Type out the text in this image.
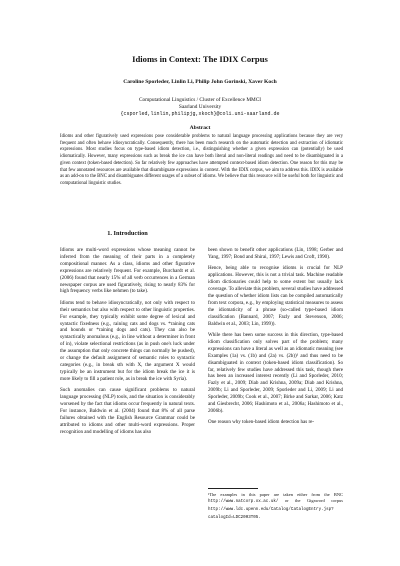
Idioms in Context: The IDIX Corpus
Caroline Sporleder, Linlin Li, Philip John Gorinski, Xaver Koch
Computational Linguistics / Cluster of Excellence MMCI
Saarland University
{csporled,linlin,philipjg,xkoch}@coli.uni-saarland.de
Abstract
Idioms and other figuratively used expressions pose considerable problems to natural language processing applications because they are very frequent and often behave idiosyncratically. Consequently, there has been much research on the automatic detection and extraction of idiomatic expressions. Most studies focus on type-based idiom detection, i.e., distinguishing whether a given expression can (potentially) be used idiomatically. However, many expressions such as break the ice can have both literal and non-literal readings and need to be disambiguated in a given context (token-based detection). So far relatively few approaches have attempted context-based idiom detection. One reason for this may be that few annotated resources are available that disambiguate expressions in context. With the IDIX corpus, we aim to address this. IDIX is available as an add-on to the BNC and disambiguates different usages of a subset of idioms. We believe that this resource will be useful both for linguistic and computational linguistic studies.
1. Introduction

Idioms are multi-word expressions whose meaning cannot be inferred from the meaning of their parts in a completely compositional manner. As a class, idioms and other figurative expressions are relatively frequent. For example, Burchardt et al. (2006) found that nearly 15% of all verb occurrences in a German newspaper corpus are used figuratively, rising to nearly 83% for high frequency verbs like nehmen (to take).

Idioms tend to behave idiosyncratically, not only with respect to their semantics but also with respect to other linguistic properties. For example, they typically exhibit some degree of lexical and syntactic fixedness (e.g., raining cats and dogs vs. *raining cats and hounds or *raining dogs and cats). They can also be syntactically anomalous (e.g., in line without a determiner in front of in), violate selectional restrictions (as in push one's luck under the assumption that only concrete things can normally be pushed), or change the default assignment of semantic roles to syntactic categories (e.g., in break sth with X, the argument X would typically be an instrument but for the idiom break the ice it is more likely to fill a patient role, as in break the ice with Syria).

Such anomalies can cause significant problems to natural language processing (NLP) tools, and the situation is considerably worsened by the fact that idioms occur frequently in natural texts. For instance, Baldwin et al. (2004) found that 8% of all parse failures obtained with the English Resource Grammar could be attributed to idioms and other multi-word expressions. Proper recognition and modelling of idioms has also

been shown to benefit other applications (Lin, 1998; Gerber and Yang, 1997; Bond and Shirai, 1997; Lewis and Croft, 1990).

Hence, being able to recognise idioms is crucial for NLP applications. However, this is not a trivial task. Machine readable idiom dictionaries could help to some extent but usually lack coverage. To alleviate this problem, several studies have addressed the question of whether idiom lists can be compiled automatically from text corpora, e.g., by employing statistical measures to assess the idiomaticity of a phrase (so-called type-based idiom classification (Bannard, 2007; Fazly and Stevenson, 2006; Baldwin et al., 2003; Lin, 1999)).

While there has been some success in this direction, type-based idiom classification only solves part of the problem; many expressions can have a literal as well as an idiomatic meaning (see Examples (1a) vs. (1b) and (2a) vs. (2b))¹ and thus need to be disambiguated in context (token-based idiom classification). So far, relatively few studies have addressed this task, though there has been an increased interest recently (Li and Sporleder, 2010; Fazly et al., 2009; Diab and Krishna, 2009a; Diab and Krishna, 2009b; Li and Sporleder, 2009; Sporleder and Li, 2009; Li and Sporleder, 2009b; Cook et al., 2007; Birke and Sarkar, 2006; Katz and Giesbrecht, 2006; Hashimoto et al., 2006a; Hashimoto et al., 2006b).

One reason why token-based idiom detection has re-

¹The examples in this paper are taken either from the BNC http://www.natcorp.ox.ac.uk/ or the Gigaword corpus http://www.ldc.upenn.edu/Catalog/CatalogEntry.jsp?catalogId=LDC2003T05.
